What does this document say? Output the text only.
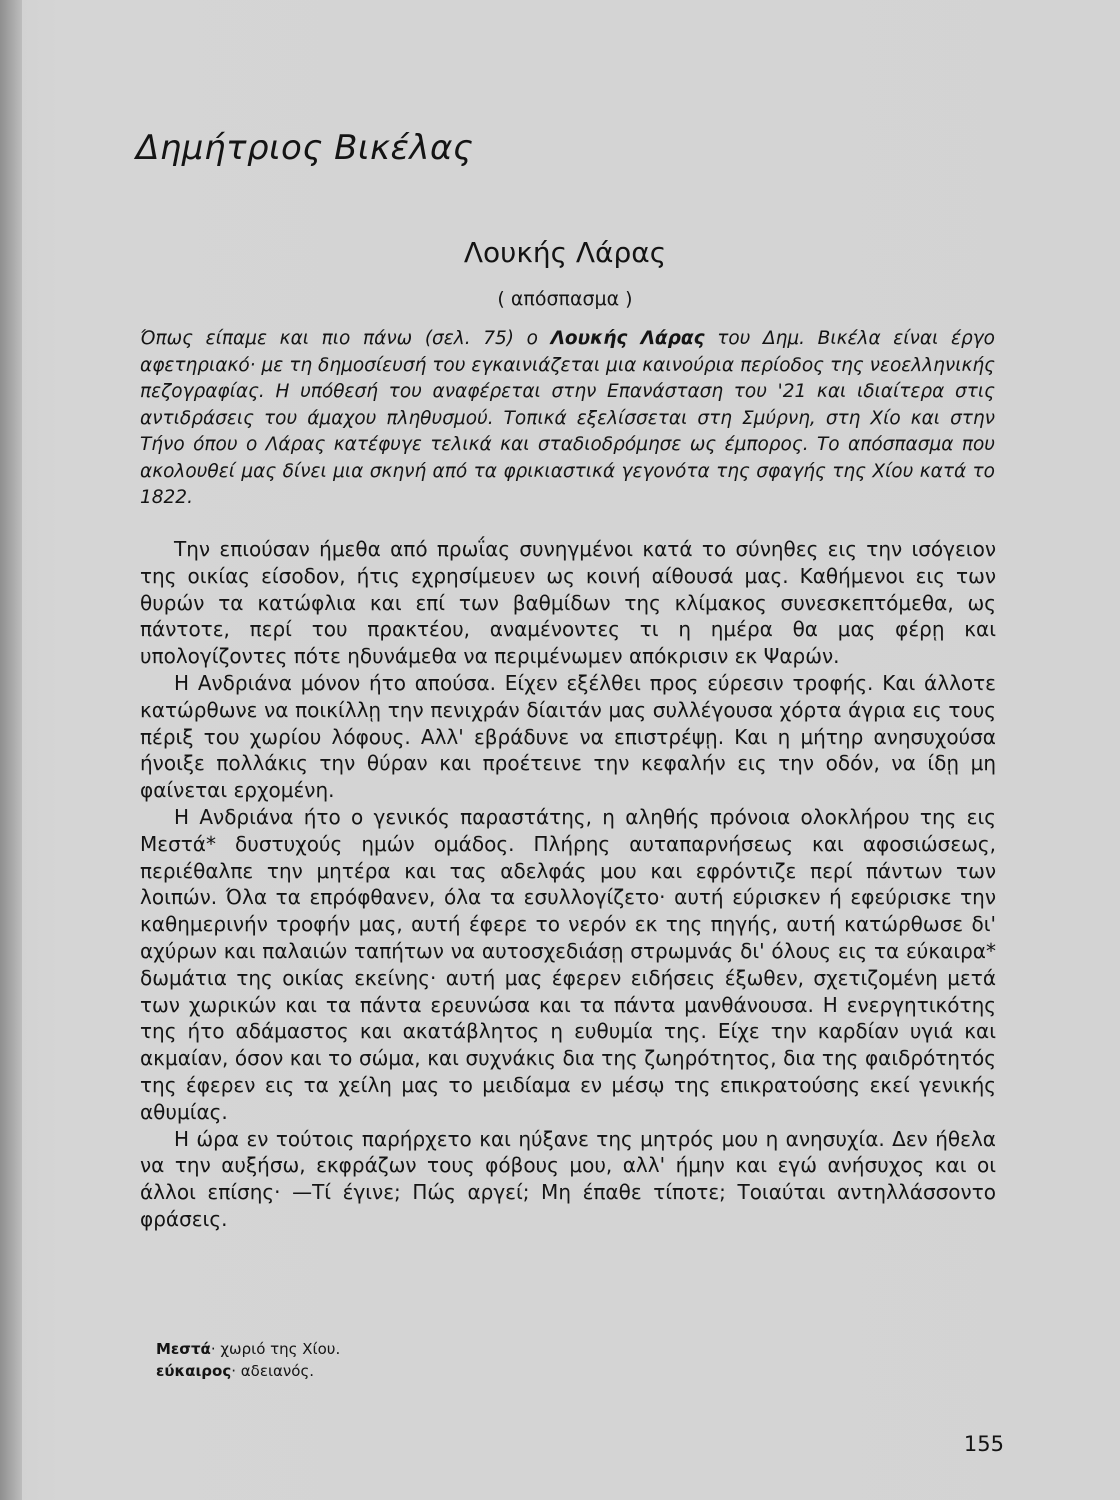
Δημήτριος Βικέλας
Λουκής Λάρας
( απόσπασμα )

Όπως είπαμε και πιο πάνω (σελ. 75) ο Λουκής Λάρας του Δημ. Βικέλα είναι έργο αφετηριακό· με τη δημοσίευσή του εγκαινιάζεται μια καινούρια περίοδος της νεοελληνικής πεζογραφίας. Η υπόθεσή του αναφέρεται στην Επανάσταση του '21 και ιδιαίτερα στις αντιδράσεις του άμαχου πληθυσμού. Τοπικά εξελίσσεται στη Σμύρνη, στη Χίο και στην Τήνο όπου ο Λάρας κατέφυγε τελικά και σταδιοδρόμησε ως έμπορος. Το απόσπασμα που ακολουθεί μας δίνει μια σκηνή από τα φρικιαστικά γεγονότα της σφαγής της Χίου κατά το 1822.

Την επιούσαν ήμεθα από πρωΐας συνηγμένοι κατά το σύνηθες εις την ισόγειον της οικίας είσοδον, ήτις εχρησίμευεν ως κοινή αίθουσά μας. Καθήμενοι εις των θυρών τα κατώφλια και επί των βαθμίδων της κλίμακος συνεσκεπτόμεθα, ως πάντοτε, περί του πρακτέου, αναμένοντες τι η ημέρα θα μας φέρῃ και υπολογίζοντες πότε ηδυνάμεθα να περιμένωμεν απόκρισιν εκ Ψαρών.

Η Ανδριάνα μόνον ήτο απούσα. Είχεν εξέλθει προς εύρεσιν τροφής. Και άλλοτε κατώρθωνε να ποικίλλῃ την πενιχράν δίαιτάν μας συλλέγουσα χόρτα άγρια εις τους πέριξ του χωρίου λόφους. Αλλ' εβράδυνε να επιστρέψῃ. Και η μήτηρ ανησυχούσα ήνοιξε πολλάκις την θύραν και προέτεινε την κεφαλήν εις την οδόν, να ίδῃ μη φαίνεται ερχομένη.

Η Ανδριάνα ήτο ο γενικός παραστάτης, η αληθής πρόνοια ολοκλήρου της εις Μεστά* δυστυχούς ημών ομάδος. Πλήρης αυταπαρνήσεως και αφοσιώσεως, περιέθαλπε την μητέρα και τας αδελφάς μου και εφρόντιζε περί πάντων των λοιπών. Όλα τα επρόφθανεν, όλα τα εσυλλογίζετο· αυτή εύρισκεν ή εφεύρισκε την καθημερινήν τροφήν μας, αυτή έφερε το νερόν εκ της πηγής, αυτή κατώρθωσε δι' αχύρων και παλαιών ταπήτων να αυτοσχεδιάσῃ στρωμνάς δι' όλους εις τα εύκαιρα* δωμάτια της οικίας εκείνης· αυτή μας έφερεν ειδήσεις έξωθεν, σχετιζομένη μετά των χωρικών και τα πάντα ερευνώσα και τα πάντα μανθάνουσα. Η ενεργητικότης της ήτο αδάμαστος και ακατάβλητος η ευθυμία της. Είχε την καρδίαν υγιά και ακμαίαν, όσον και το σώμα, και συχνάκις δια της ζωηρότητος, δια της φαιδρότητός της έφερεν εις τα χείλη μας το μειδίαμα εν μέσῳ της επικρατούσης εκεί γενικής αθυμίας.

Η ώρα εν τούτοις παρήρχετο και ηύξανε της μητρός μου η ανησυχία. Δεν ήθελα να την αυξήσω, εκφράζων τους φόβους μου, αλλ' ήμην και εγώ ανήσυχος και οι άλλοι επίσης· —Τί έγινε; Πώς αργεί; Μη έπαθε τίποτε; Τοιαύται αντηλλάσσοντο φράσεις.

Μεστά· χωριό της Χίου.
εύκαιρος· αδειανός.
155
